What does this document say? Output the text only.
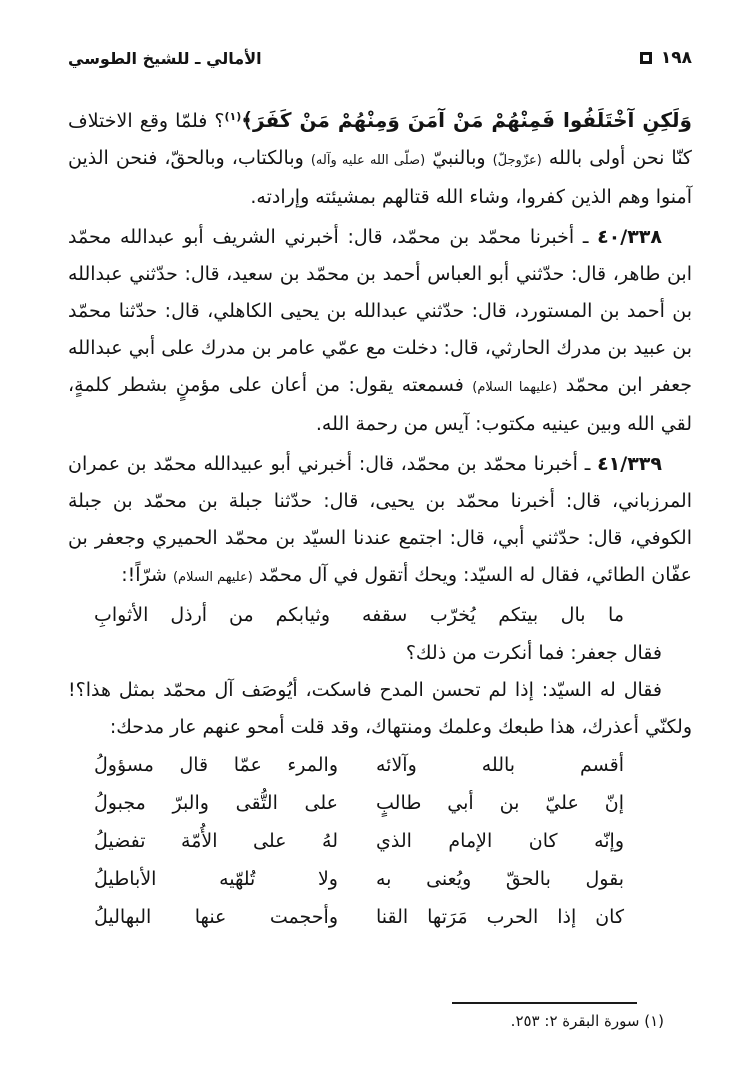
١٩٨
الأمالي ـ للشيخ الطوسي

وَلَكِنِ آخْتَلَفُوا فَمِنْهُمْ مَنْ آمَنَ وَمِنْهُمْ مَنْ كَفَرَ﴾$^{(١)}$؟ فلمّا وقع الاختلاف كنّا نحن أولى بالله (عزّوجلّ) وبالنبيّ (صلّى الله عليه وآله) وبالكتاب، وبالحقّ، فنحن الذين آمنوا وهم الذين كفروا، وشاء الله قتالهم بمشيئته وإرادته.

٤٠/٣٣٨ ـ أخبرنا محمّد بن محمّد، قال: أخبرني الشريف أبو عبدالله محمّد ابن طاهر، قال: حدّثني أبو العباس أحمد بن محمّد بن سعيد، قال: حدّثني عبدالله بن أحمد بن المستورد، قال: حدّثني عبدالله بن يحيى الكاهلي، قال: حدّثنا محمّد بن عبيد بن مدرك الحارثي، قال: دخلت مع عمّي عامر بن مدرك على أبي عبدالله جعفر ابن محمّد (عليهما السلام) فسمعته يقول: من أعان على مؤمنٍ بشطر كلمةٍ، لقي الله وبين عينيه مكتوب: آيس من رحمة الله.

٤١/٣٣٩ ـ أخبرنا محمّد بن محمّد، قال: أخبرني أبو عبيدالله محمّد بن عمران المرزباني، قال: أخبرنا محمّد بن يحيى، قال: حدّثنا جبلة بن محمّد بن جبلة الكوفي، قال: حدّثني أبي، قال: اجتمع عندنا السيّد بن محمّد الحميري وجعفر بن عفّان الطائي، فقال له السيّد: ويحك أتقول في آل محمّد (عليهم السلام) شرّاً!:

ما بال بيتكم يُخرّب سقفه
وثيابكم من أرذل الأثوابِ

فقال جعفر: فما أنكرت من ذلك؟

فقال له السيّد: إذا لم تحسن المدح فاسكت، أيُوصَف آل محمّد بمثل هذا؟! ولكنّي أعذرك، هذا طبعك وعلمك ومنتهاك، وقد قلت أمحو عنهم عار مدحك:

أقسم بالله وآلائه
والمرء عمّا قال مسؤولُ
إنّ عليّ بن أبي طالبٍ
على التُّقى والبرّ مجبولُ
وإنّه كان الإمام الذي
لهُ على الأُمّة تفضيلُ
بقول بالحقّ ويُعنى به
ولا تُلهّيه الأباطيلُ
كان إذا الحرب مَرَتها القنا
وأحجمت عنها البهاليلُ

(١) سورة البقرة ٢: ٢٥٣.
